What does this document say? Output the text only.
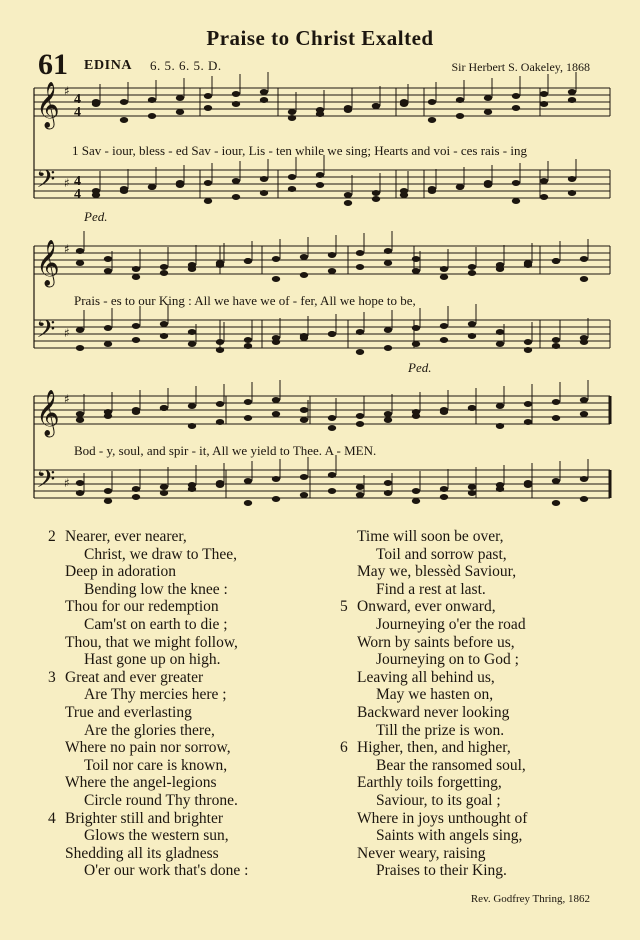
Praise to Christ Exalted
61 EDINA 6. 5. 6. 5. D.	Sir Herbert S. Oakeley, 1868
𝄞 ♯
4
4
𝄢 ♯ 4
4
𝄞 ♯
𝄢 ♯
𝄞 ♯
𝄢 ♯
1 Sav - iour, bless - ed Sav - iour, Lis - ten while we sing; Hearts and voi - ces rais - ing
Prais - es to our King : All we have we of - fer, All we hope to be,
Bod - y, soul, and spir - it, All we yield to Thee. A - MEN.
Ped.
Ped.
2 Nearer, ever nearer,
Christ, we draw to Thee,
Deep in adoration
Bending low the knee :
Thou for our redemption
Cam'st on earth to die ;
Thou, that we might follow,
Hast gone up on high.
3 Great and ever greater
Are Thy mercies here ;
True and everlasting
Are the glories there,
Where no pain nor sorrow,
Toil nor care is known,
Where the angel-legions
Circle round Thy throne.
4 Brighter still and brighter
Glows the western sun,
Shedding all its gladness
O'er our work that's done :
Time will soon be over,
Toil and sorrow past,
May we, blessèd Saviour,
Find a rest at last.
5 Onward, ever onward,
Journeying o'er the road
Worn by saints before us,
Journeying on to God ;
Leaving all behind us,
May we hasten on,
Backward never looking
Till the prize is won.
6 Higher, then, and higher,
Bear the ransomed soul,
Earthly toils forgetting,
Saviour, to its goal ;
Where in joys unthought of
Saints with angels sing,
Never weary, raising
Praises to their King.
Rev. Godfrey Thring, 1862
